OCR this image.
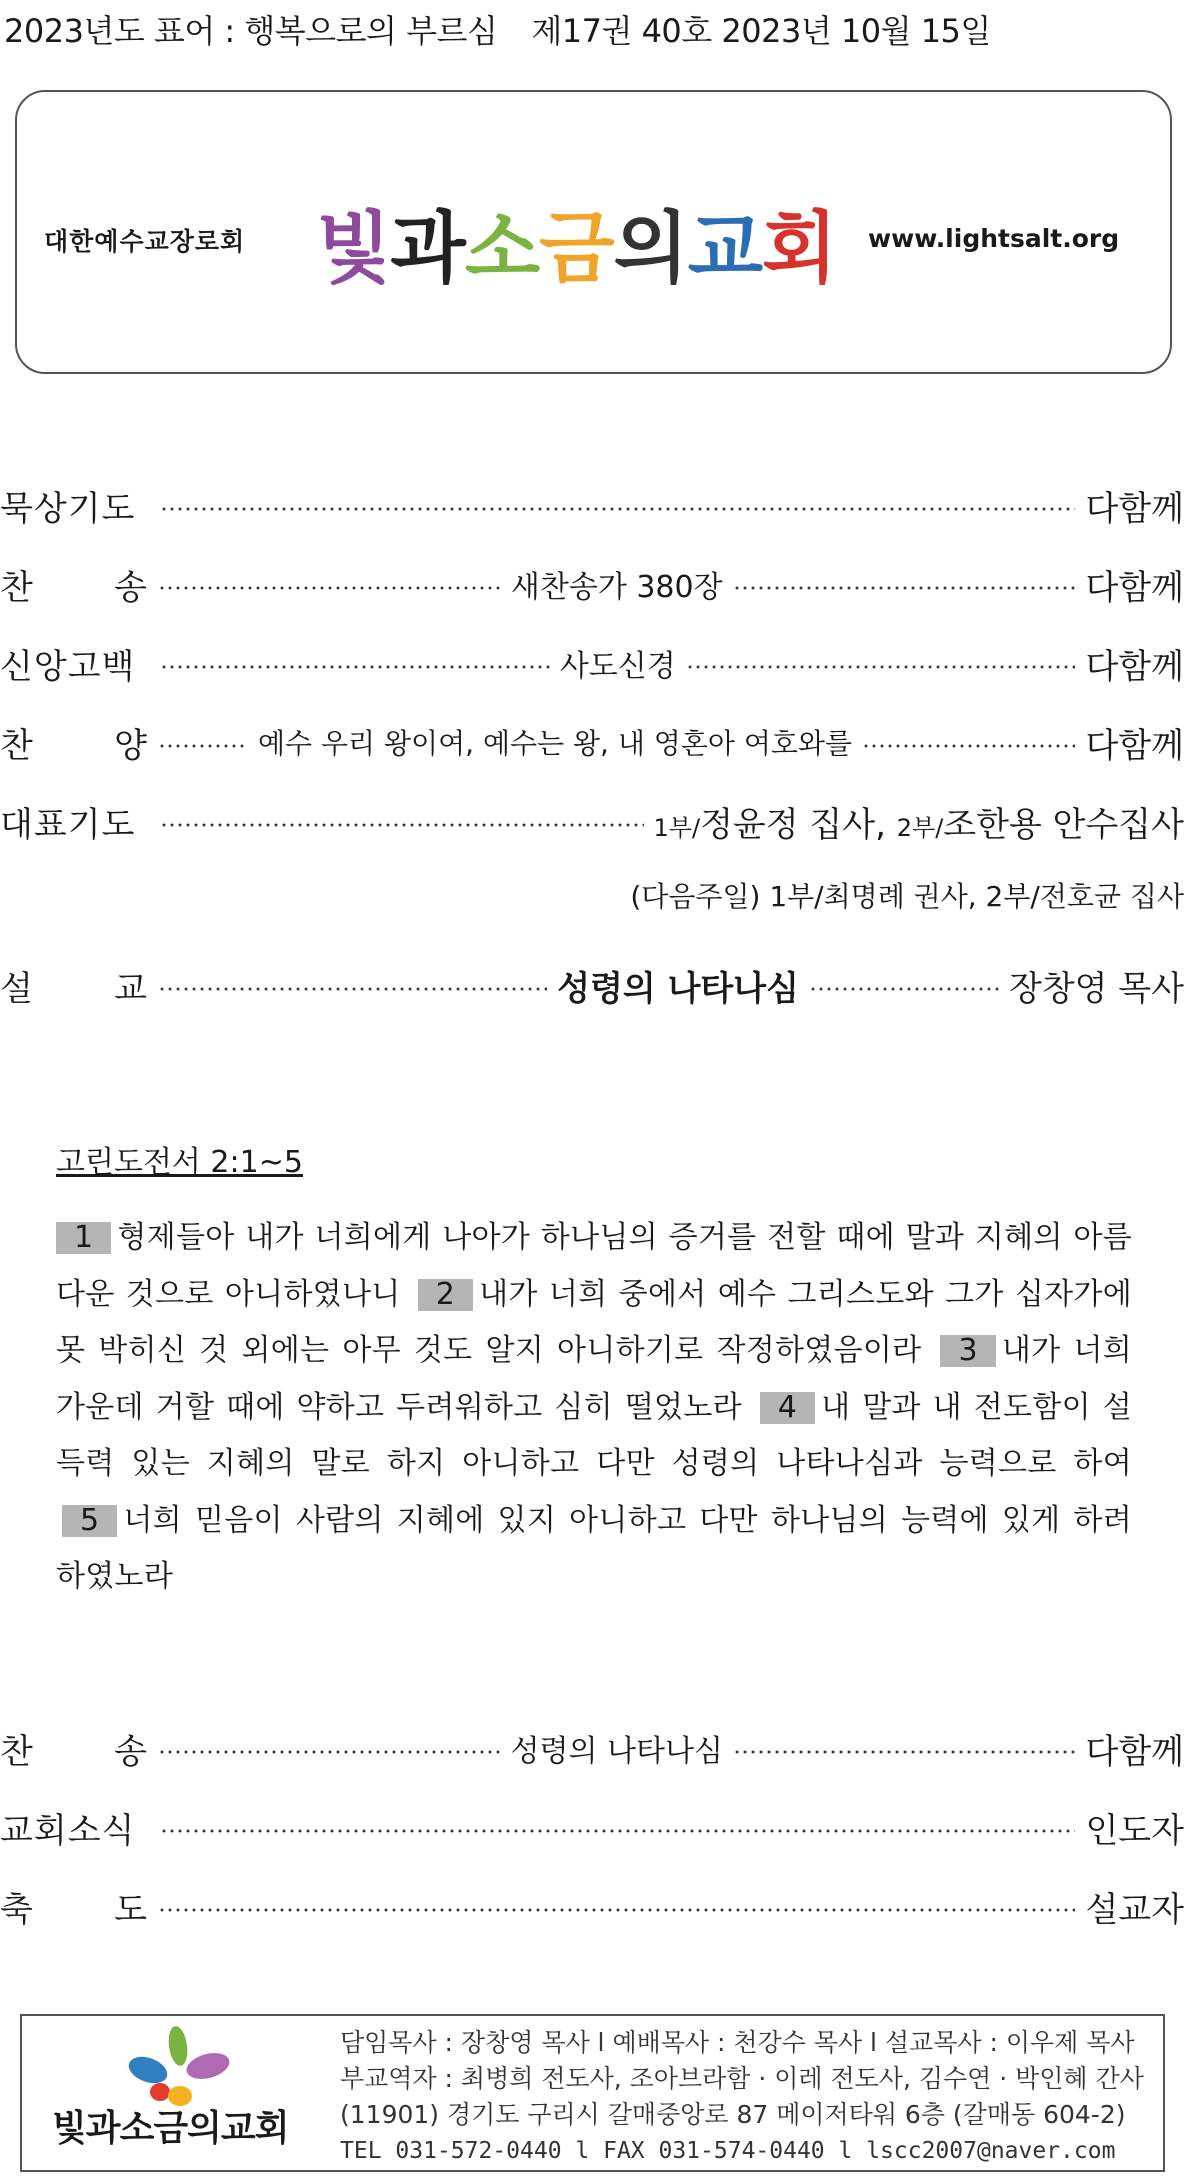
2023년도 표어 : 행복으로의 부르심 제17권 40호 2023년 10월 15일
대한예수교장로회 빛과소금의교회 www.lightsalt.org
묵상기도	다함께
찬 송	새찬송가 380장	다함께
신앙고백	사도신경	다함께
찬 양	예수 우리 왕이여, 예수는 왕, 내 영혼아 여호와를	다함께
대표기도	1부/정윤정 집사, 2부/조한용 안수집사
(다음주일) 1부/최명례 권사, 2부/전호균 집사
설 교	성령의 나타나심	장창영 목사
고린도전서 2:1~5
1 형제들아 내가 너희에게 나아가 하나님의 증거를 전할 때에 말과 지혜의 아름다운 것으로 아니하였나니 2 내가 너희 중에서 예수 그리스도와 그가 십자가에 못 박히신 것 외에는 아무 것도 알지 아니하기로 작정하였음이라 3 내가 너희 가운데 거할 때에 약하고 두려워하고 심히 떨었노라 4 내 말과 내 전도함이 설득력 있는 지혜의 말로 하지 아니하고 다만 성령의 나타나심과 능력으로 하여 5 너희 믿음이 사람의 지혜에 있지 아니하고 다만 하나님의 능력에 있게 하려 하였노라
찬 송	성령의 나타나심	다함께
교회소식	인도자
축 도	설교자
빛과소금의교회
담임목사 : 장창영 목사 l 예배목사 : 천강수 목사 l 설교목사 : 이우제 목사
부교역자 : 최병희 전도사, 조아브라함 · 이레 전도사, 김수연 · 박인혜 간사
(11901) 경기도 구리시 갈매중앙로 87 메이저타워 6층 (갈매동 604-2)
TEL 031-572-0440 l FAX 031-574-0440 l lscc2007@naver.com
